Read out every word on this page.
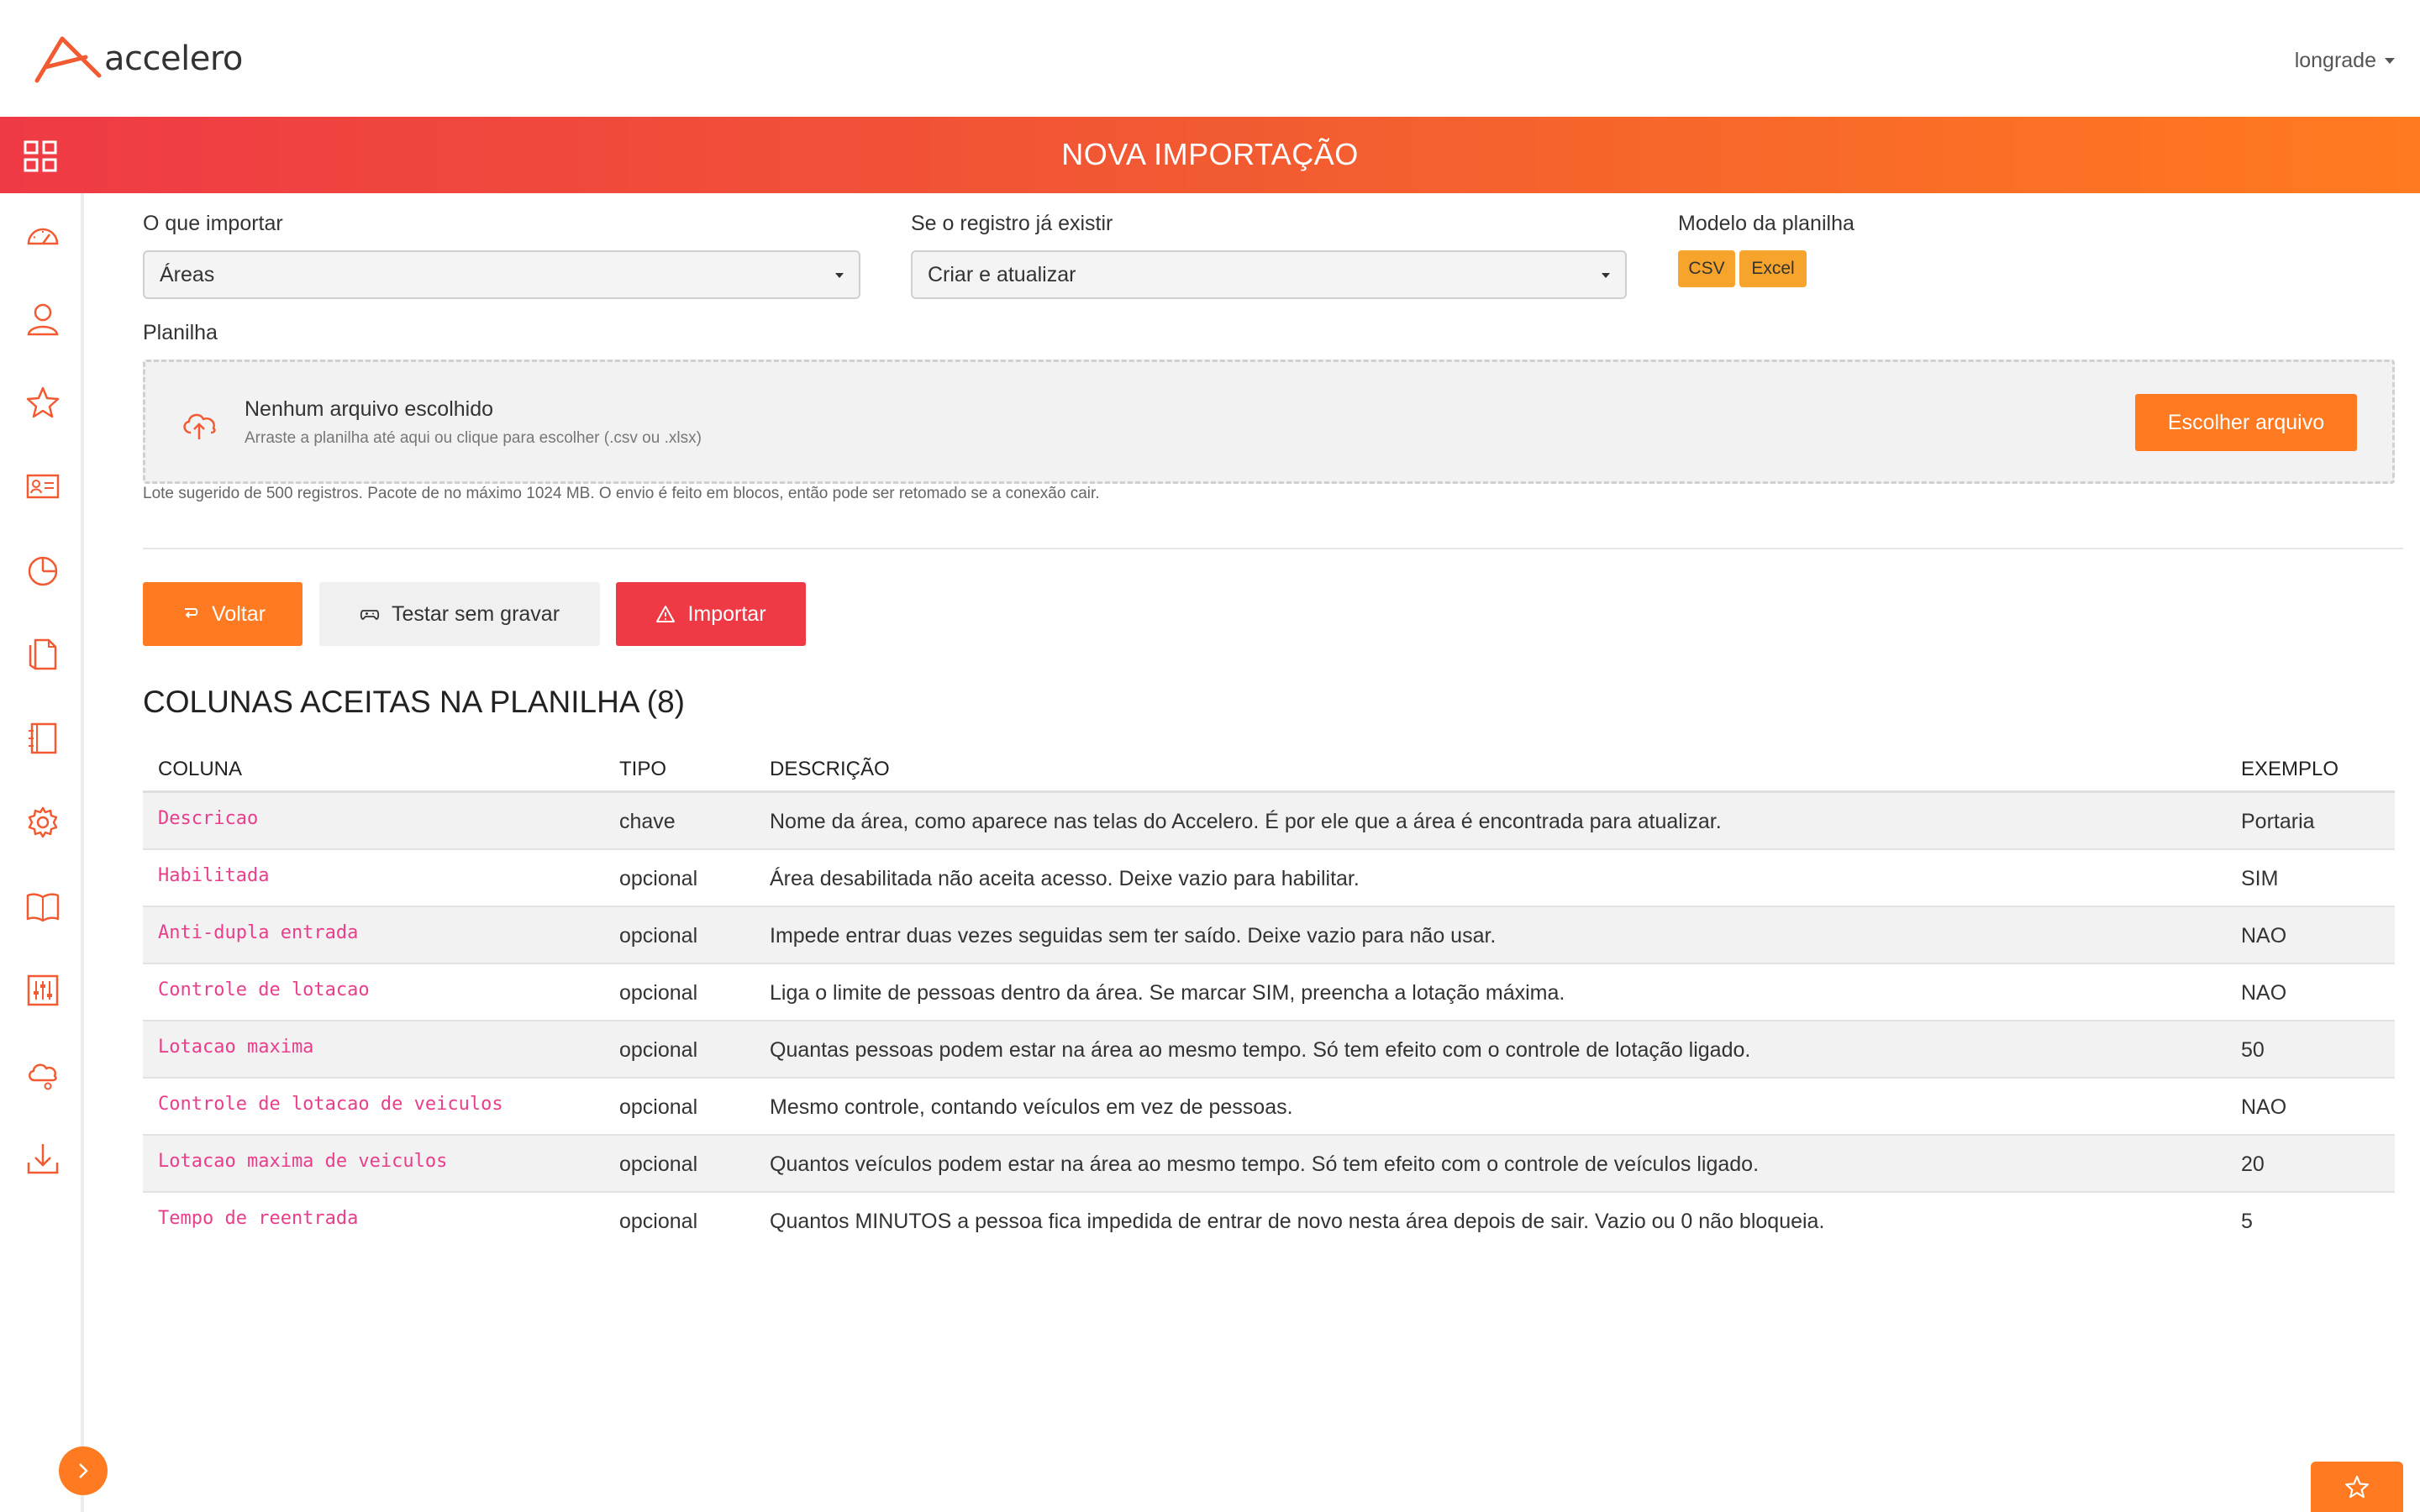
accelero	longrade
NOVA IMPORTAÇÃO
O que importar
Áreas
Se o registro já existir
Criar e atualizar
Modelo da planilha
CSV	Excel
Planilha
Nenhum arquivo escolhido
Arraste a planilha até aqui ou clique para escolher (.csv ou .xlsx)
Escolher arquivo
Lote sugerido de 500 registros. Pacote de no máximo 1024 MB. O envio é feito em blocos, então pode ser retomado se a conexão cair.
Voltar	Testar sem gravar	Importar
COLUNAS ACEITAS NA PLANILHA (8)
COLUNA	TIPO	DESCRIÇÃO	EXEMPLO
Descricao	chave	Nome da área, como aparece nas telas do Accelero. É por ele que a área é encontrada para atualizar.	Portaria
Habilitada	opcional	Área desabilitada não aceita acesso. Deixe vazio para habilitar.	SIM
Anti-dupla entrada	opcional	Impede entrar duas vezes seguidas sem ter saído. Deixe vazio para não usar.	NAO
Controle de lotacao	opcional	Liga o limite de pessoas dentro da área. Se marcar SIM, preencha a lotação máxima.	NAO
Lotacao maxima	opcional	Quantas pessoas podem estar na área ao mesmo tempo. Só tem efeito com o controle de lotação ligado.	50
Controle de lotacao de veiculos	opcional	Mesmo controle, contando veículos em vez de pessoas.	NAO
Lotacao maxima de veiculos	opcional	Quantos veículos podem estar na área ao mesmo tempo. Só tem efeito com o controle de veículos ligado.	20
Tempo de reentrada	opcional	Quantos MINUTOS a pessoa fica impedida de entrar de novo nesta área depois de sair. Vazio ou 0 não bloqueia.	5
